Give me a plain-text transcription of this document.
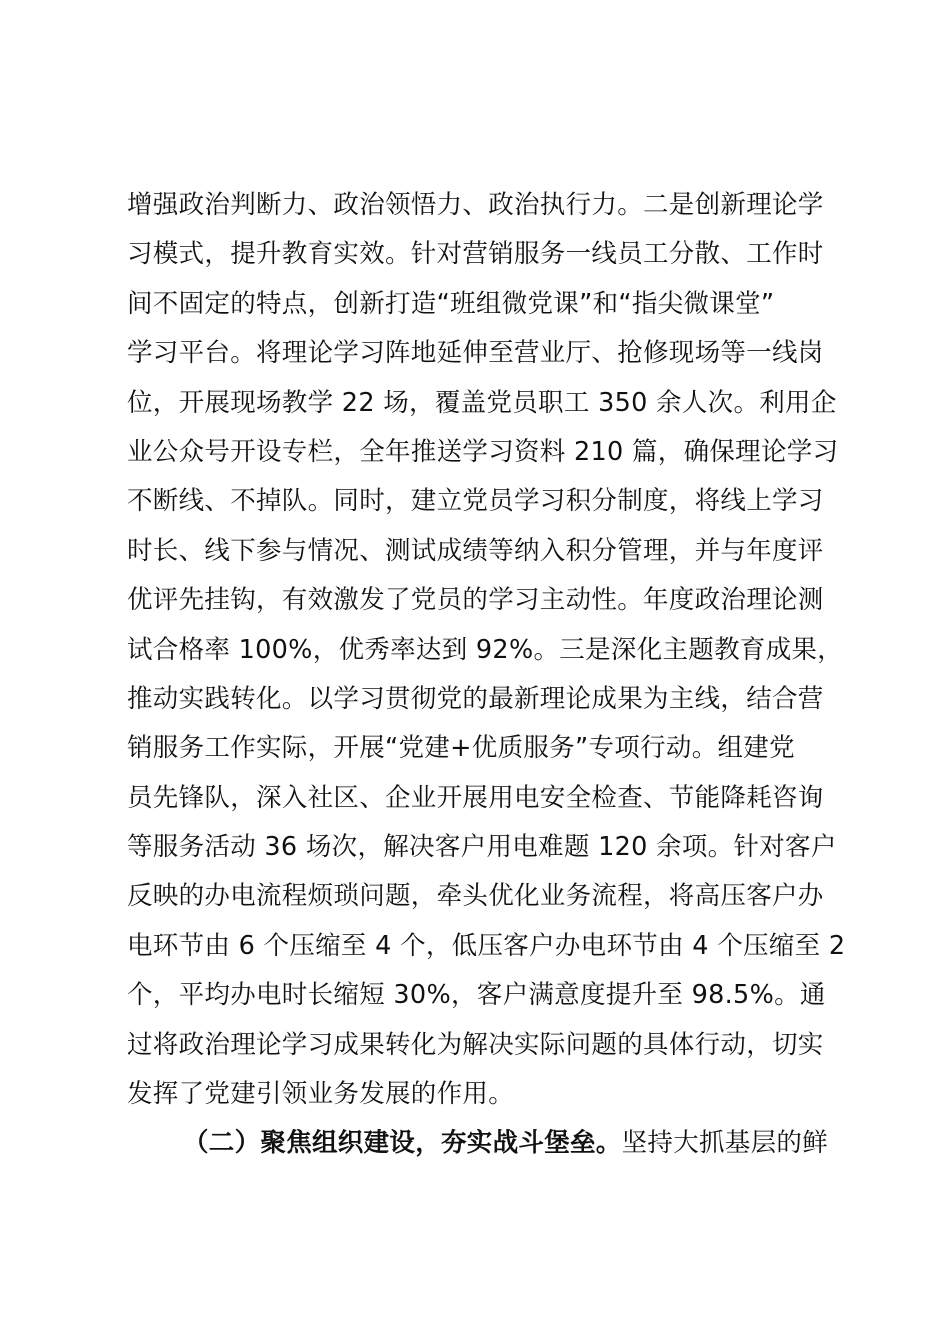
增强政治判断力、政治领悟力、政治执行力。二是创新理论学
习模式，提升教育实效。针对营销服务一线员工分散、工作时
间不固定的特点，创新打造“班组微党课”和“指尖微课堂”
学习平台。将理论学习阵地延伸至营业厅、抢修现场等一线岗
位，开展现场教学 22 场，覆盖党员职工 350 余人次。利用企
业公众号开设专栏，全年推送学习资料 210 篇，确保理论学习
不断线、不掉队。同时，建立党员学习积分制度，将线上学习
时长、线下参与情况、测试成绩等纳入积分管理，并与年度评
优评先挂钩，有效激发了党员的学习主动性。年度政治理论测
试合格率 100%，优秀率达到 92%。三是深化主题教育成果，
推动实践转化。以学习贯彻党的最新理论成果为主线，结合营
销服务工作实际，开展“党建+优质服务”专项行动。组建党
员先锋队，深入社区、企业开展用电安全检查、节能降耗咨询
等服务活动 36 场次，解决客户用电难题 120 余项。针对客户
反映的办电流程烦琐问题，牵头优化业务流程，将高压客户办
电环节由 6 个压缩至 4 个，低压客户办电环节由 4 个压缩至 2
个，平均办电时长缩短 30%，客户满意度提升至 98.5%。通
过将政治理论学习成果转化为解决实际问题的具体行动，切实
发挥了党建引领业务发展的作用。
（二）聚焦组织建设，夯实战斗堡垒。坚持大抓基层的鲜
